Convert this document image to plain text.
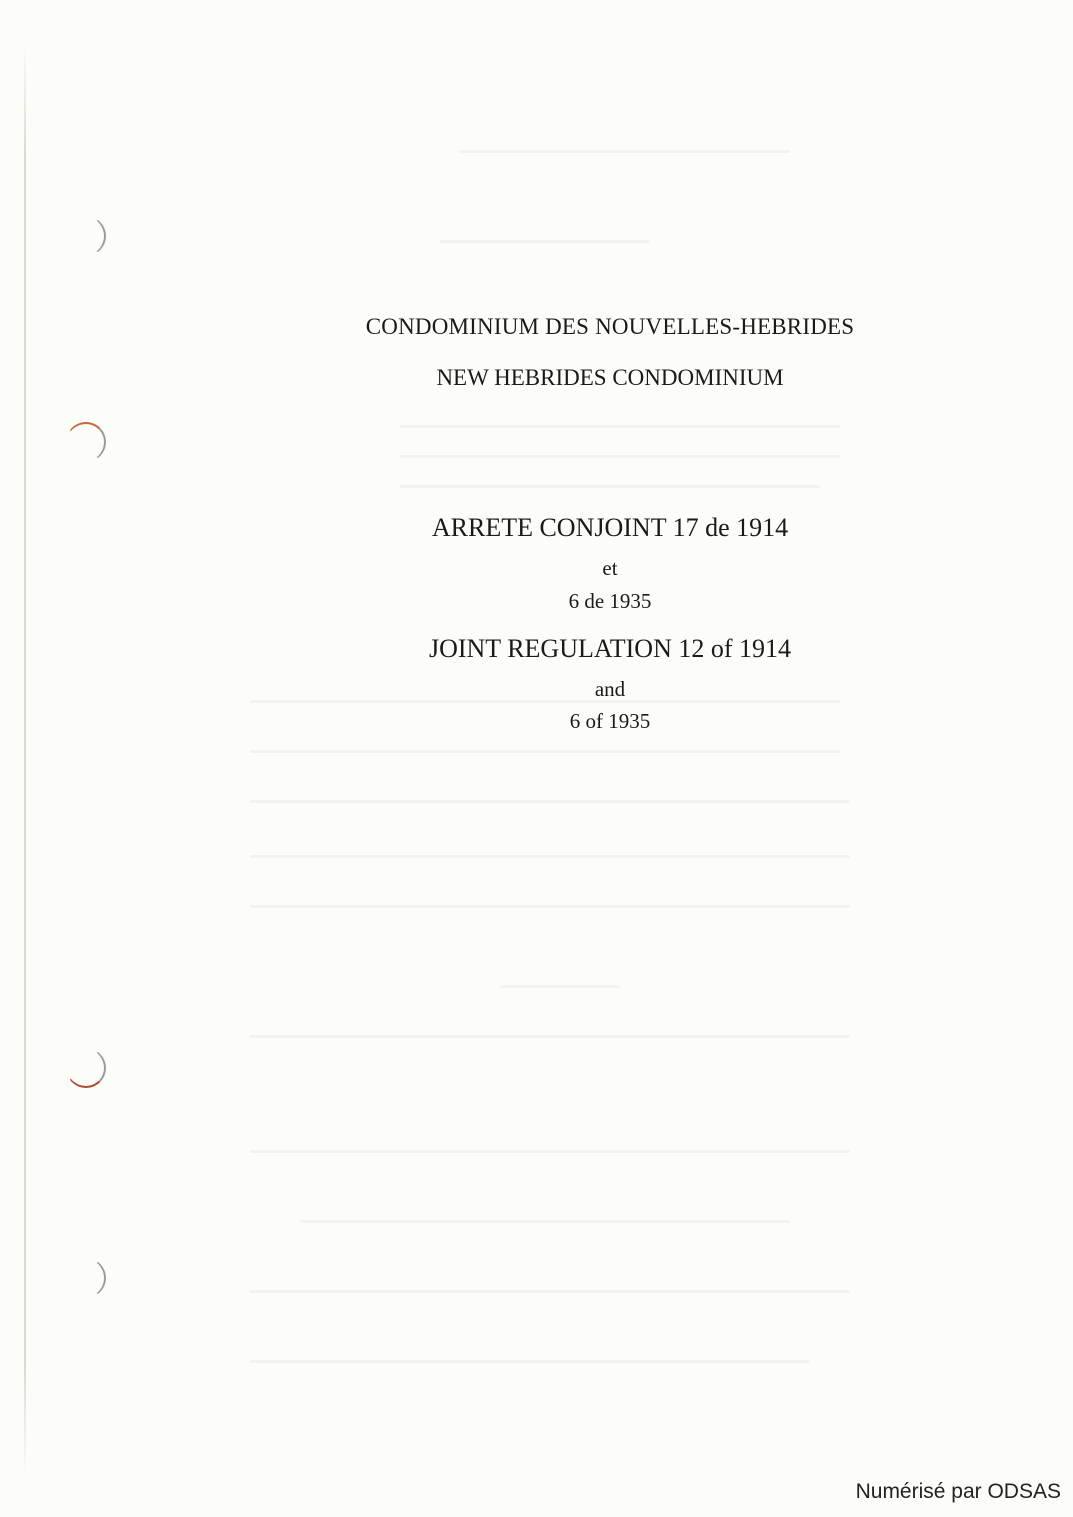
CONDOMINIUM DES NOUVELLES-HEBRIDES
NEW HEBRIDES CONDOMINIUM
ARRETE CONJOINT 17 de 1914
et
6 de 1935
JOINT REGULATION 12 of 1914
and
6 of 1935
Numérisé par ODSAS
